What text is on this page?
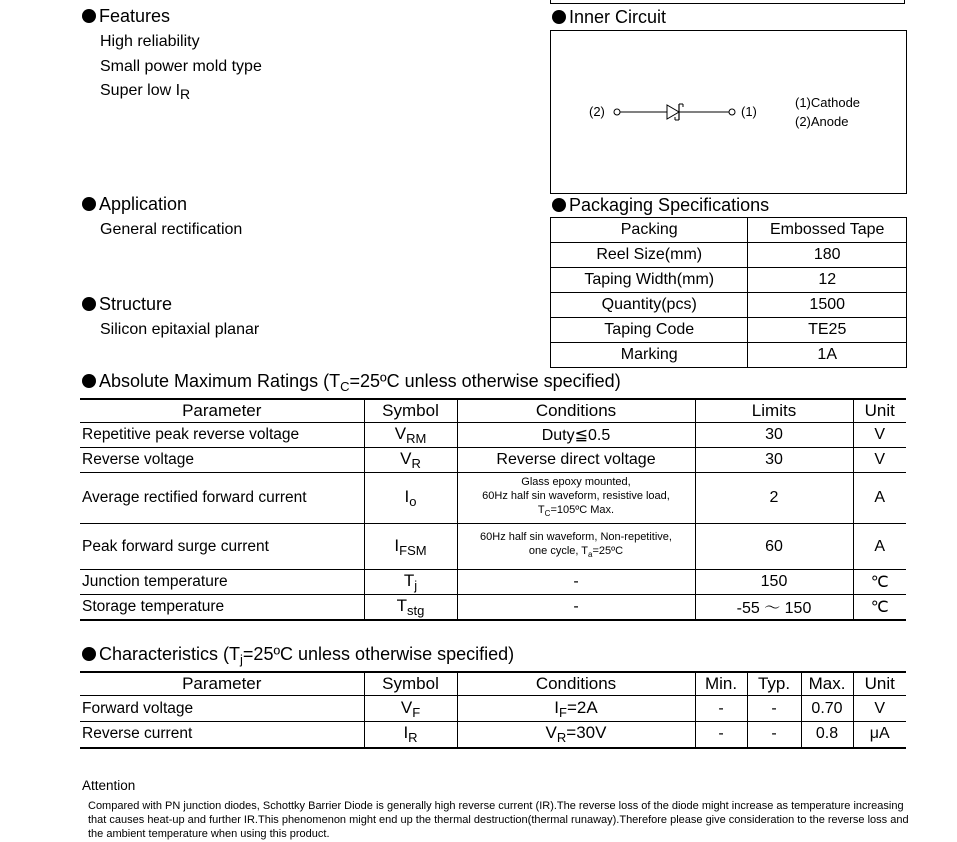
Features
High reliability
Small power mold type
Super low $I_R$
Inner Circuit
(2)	(1)
(1)Cathode
(2)Anode
Application
General rectification
Structure
Silicon epitaxial planar
Packaging Specifications
Packing	Embossed Tape
Reel Size(mm)	180
Taping Width(mm)	12
Quantity(pcs)	1500
Taping Code	TE25
Marking	1A
Absolute Maximum Ratings ($T_C=25ºC$ unless otherwise specified)
Parameter	Symbol	Conditions	Limits	Unit
Repetitive peak reverse voltage	$V_{RM}$	Duty≦0.5	30	V
Reverse voltage	$V_R$	Reverse direct voltage	30	V
Average rectified forward current	$I_o$	Glass epoxy mounted,
60Hz half sin waveform, resistive load,
$T_C=105ºC$ Max.	2	A
Peak forward surge current	$I_{FSM}$	60Hz half sin waveform, Non-repetitive,
one cycle, $T_a=25ºC$	60	A
Junction temperature	$T_j$	-	150	℃
Storage temperature	$T_{stg}$	-	-55 ～ 150	℃
Characteristics ($T_j=25ºC$ unless otherwise specified)
Parameter	Symbol	Conditions	Min.	Typ.	Max.	Unit
Forward voltage	$V_F$	$I_F=2A$	-	-	0.70	V
Reverse current	$I_R$	$V_R=30V$	-	-	0.8	μA
Attention
Compared with PN junction diodes, Schottky Barrier Diode is generally high reverse current (IR).The reverse loss of the diode might increase as temperature increasing that causes heat-up and further IR.This phenomenon might end up the thermal destruction(thermal runaway).Therefore please give consideration to the reverse loss and the ambient temperature when using this product.
